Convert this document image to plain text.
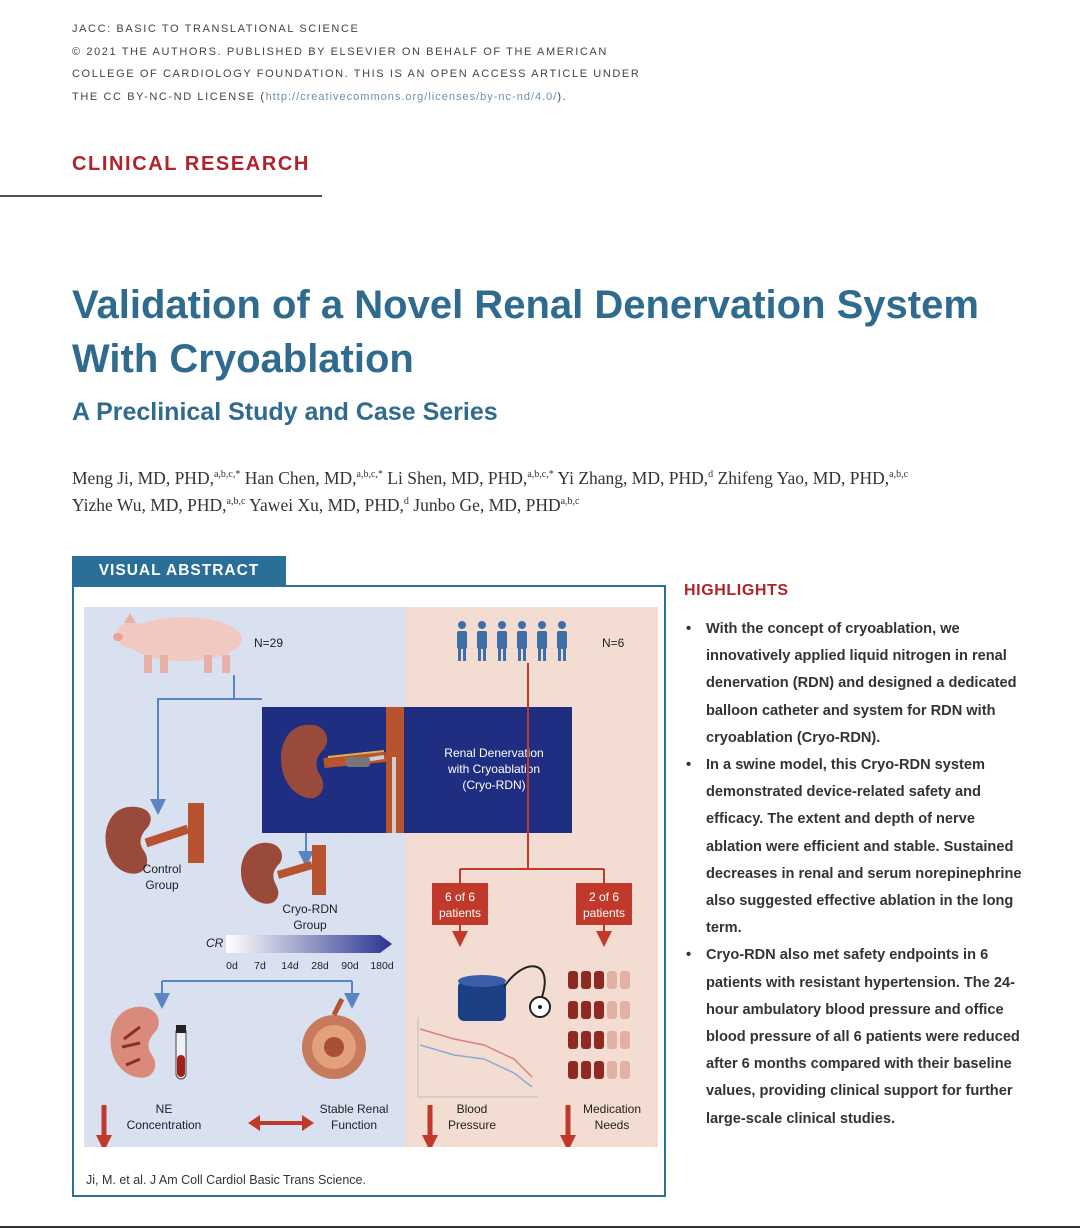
JACC: BASIC TO TRANSLATIONAL SCIENCE
© 2021 THE AUTHORS. PUBLISHED BY ELSEVIER ON BEHALF OF THE AMERICAN
COLLEGE OF CARDIOLOGY FOUNDATION. THIS IS AN OPEN ACCESS ARTICLE UNDER
THE CC BY-NC-ND LICENSE (http://creativecommons.org/licenses/by-nc-nd/4.0/).
CLINICAL RESEARCH
Validation of a Novel Renal Denervation System With Cryoablation
A Preclinical Study and Case Series
Meng Ji, MD, PHD,$^{a,b,c,*}$ Han Chen, MD,$^{a,b,c,*}$ Li Shen, MD, PHD,$^{a,b,c,*}$ Yi Zhang, MD, PHD,$^d$ Zhifeng Yao, MD, PHD,$^{a,b,c}$
Yizhe Wu, MD, PHD,$^{a,b,c}$ Yawei Xu, MD, PHD,$^d$ Junbo Ge, MD, PHD$^{a,b,c}$
VISUAL ABSTRACT
N=29	N=6
Renal Denervation
with Cryoablation
(Cryo-RDN)
Control
Group
Cryo-RDN
Group
CR
0d 7d 14d 28d 90d 180d
6 of 6
patients
2 of 6
patients
NE
Concentration
Stable Renal
Function
Blood
Pressure
Medication
Needs
Ji, M. et al. J Am Coll Cardiol Basic Trans Science.
HIGHLIGHTS
• With the concept of cryoablation, we innovatively applied liquid nitrogen in renal denervation (RDN) and designed a dedicated balloon catheter and system for RDN with cryoablation (Cryo-RDN).
• In a swine model, this Cryo-RDN system demonstrated device-related safety and efficacy. The extent and depth of nerve ablation were efficient and stable. Sustained decreases in renal and serum norepinephrine also suggested effective ablation in the long term.
• Cryo-RDN also met safety endpoints in 6 patients with resistant hypertension. The 24-hour ambulatory blood pressure and office blood pressure of all 6 patients were reduced after 6 months compared with their baseline values, providing clinical support for further large-scale clinical studies.
